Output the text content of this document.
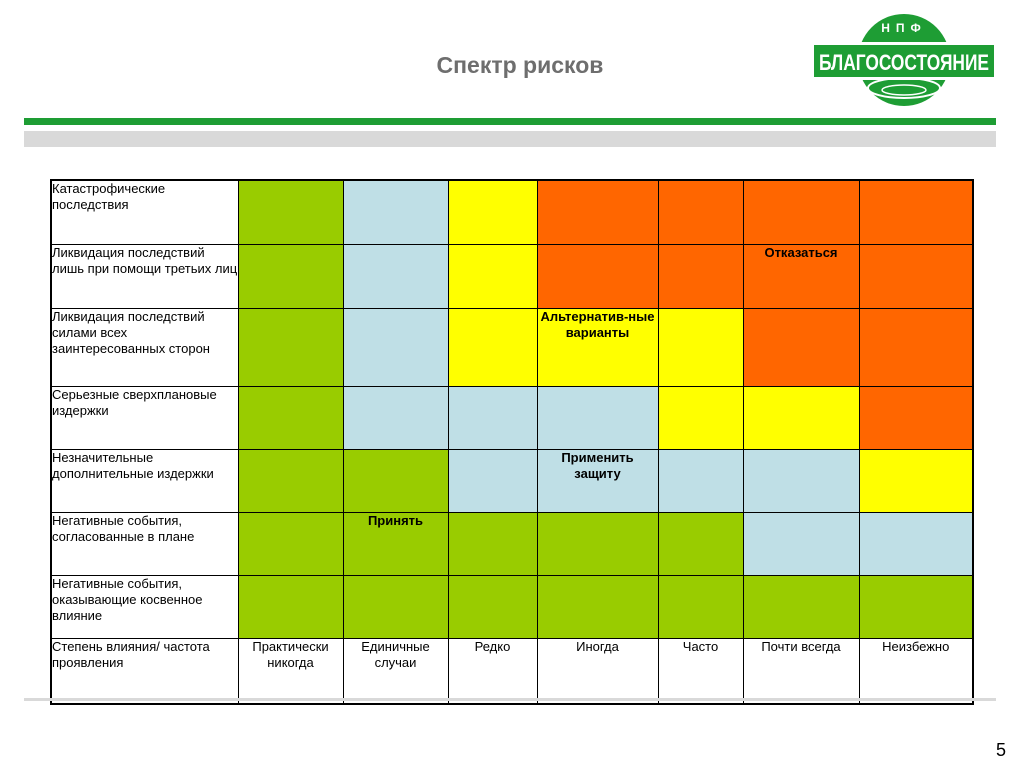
Спектр рисков
НПФ
БЛАГОСОСТОЯНИЕ
Катастрофические последствия							
Ликвидация последствий лишь при помощи третьих лиц						Отказаться	
Ликвидация последствий силами всех заинтересованных сторон				Альтернатив-ные варианты			
Серьезные сверхплановые издержки							
Незначительные дополнительные издержки				Применить защиту			
Негативные события, согласованные в плане		Принять					
Негативные события, оказывающие косвенное влияние							
Степень влияния/ частота проявления	Практически никогда	Единичные случаи	Редко	Иногда	Часто	Почти всегда	Неизбежно
5
